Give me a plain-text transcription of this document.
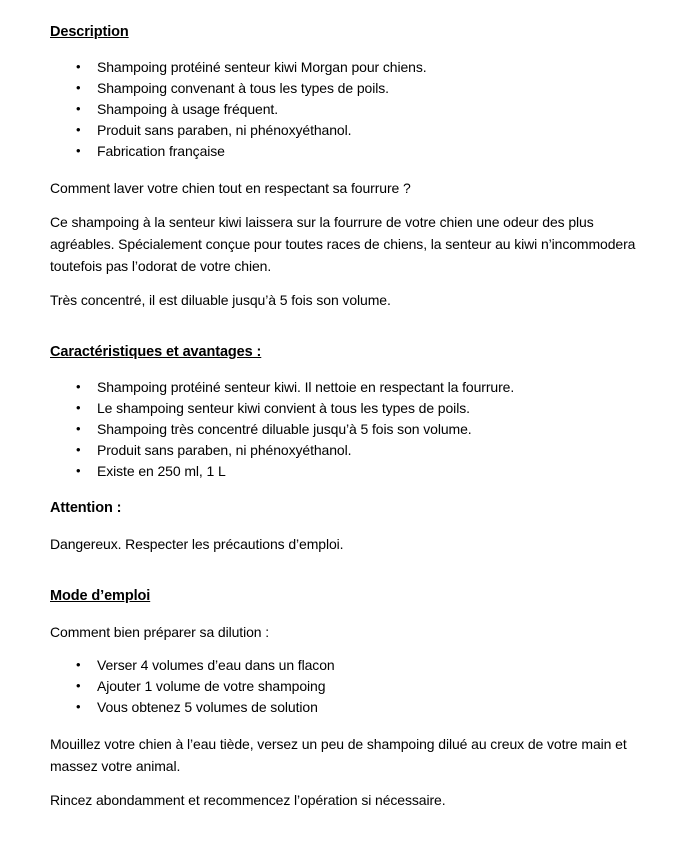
Description
•	Shampoing protéiné senteur kiwi Morgan pour chiens.
•	Shampoing convenant à tous les types de poils.
•	Shampoing à usage fréquent.
•	Produit sans paraben, ni phénoxyéthanol.
•	Fabrication française

Comment laver votre chien tout en respectant sa fourrure ?

Ce shampoing à la senteur kiwi laissera sur la fourrure de votre chien une odeur des plus agréables. Spécialement conçue pour toutes races de chiens, la senteur au kiwi n’incommodera toutefois pas l’odorat de votre chien.

Très concentré, il est diluable jusqu’à 5 fois son volume.

Caractéristiques et avantages :
•	Shampoing protéiné senteur kiwi. Il nettoie en respectant la fourrure.
•	Le shampoing senteur kiwi convient à tous les types de poils.
•	Shampoing très concentré diluable jusqu’à 5 fois son volume.
•	Produit sans paraben, ni phénoxyéthanol.
•	Existe en 250 ml, 1 L
Attention :

Dangereux. Respecter les précautions d’emploi.

Mode d’emploi

Comment bien préparer sa dilution :

•	Verser 4 volumes d’eau dans un flacon
•	Ajouter 1 volume de votre shampoing
•	Vous obtenez 5 volumes de solution

Mouillez votre chien à l’eau tiède, versez un peu de shampoing dilué au creux de votre main et massez votre animal.

Rincez abondamment et recommencez l’opération si nécessaire.
